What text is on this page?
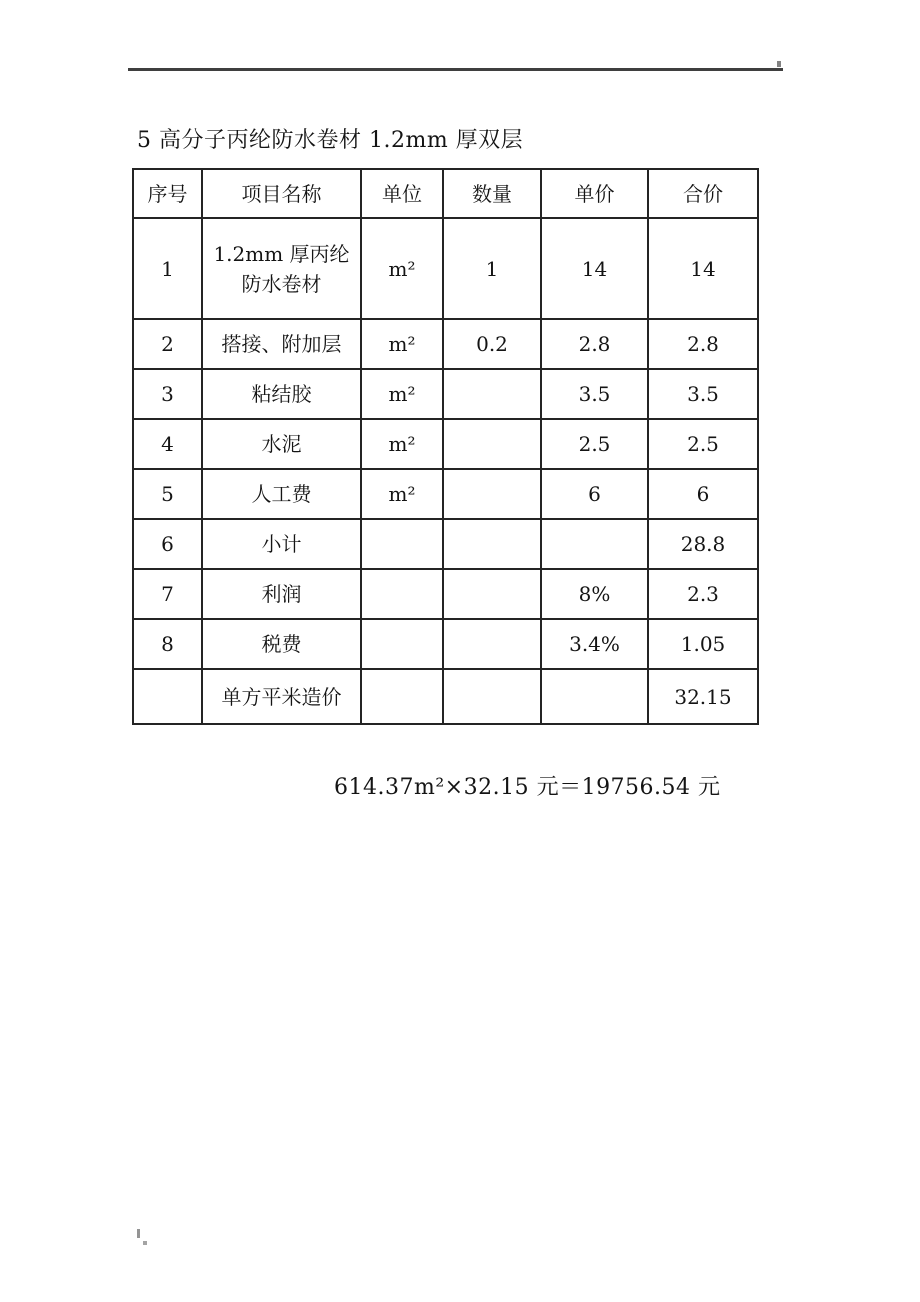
5 高分子丙纶防水卷材 1.2mm 厚双层
序号	项目名称	单位	数量	单价	合价
1	1.2mm 厚丙纶防水卷材	m²	1	14	14
2	搭接、附加层	m²	0.2	2.8	2.8
3	粘结胶	m²		3.5	3.5
4	水泥	m²		2.5	2.5
5	人工费	m²		6	6
6	小计				28.8
7	利润			8%	2.3
8	税费			3.4%	1.05
	单方平米造价				32.15

614.37m²×32.15 元＝19756.54 元
